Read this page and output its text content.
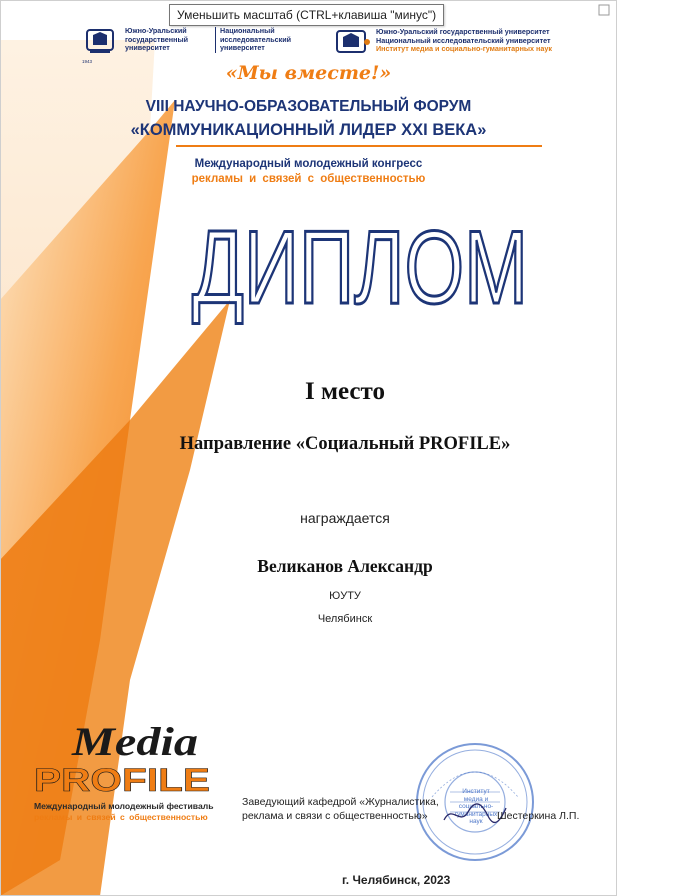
Уменьшить масштаб (CTRL+клавиша "минус")
Южно-Уральский
государственный
университет
Национальный
исследовательский
университет
1943
Южно-Уральский государственный университет
Национальный исследовательский университет
Институт медиа и социально-гуманитарных наук
«Мы вместе!»
VIII НАУЧНО-ОБРАЗОВАТЕЛЬНЫЙ ФОРУМ
«КОММУНИКАЦИОННЫЙ ЛИДЕР XXI ВЕКА»
Международный молодежный конгресс
рекламы и связей с общественностью
ДИПЛОМ
I место
Направление «Социальный PROFILE»
награждается
Великанов Александр
ЮУТУ
Челябинск
Media
PROFILE
Международный молодежный фестиваль
рекламы и связей с общественностью
Институт медиа и социально-гуманитарных наук
Заведующий кафедрой «Журналистика,
реклама и связи с общественностью»	Шестеркина Л.П.
г. Челябинск, 2023
